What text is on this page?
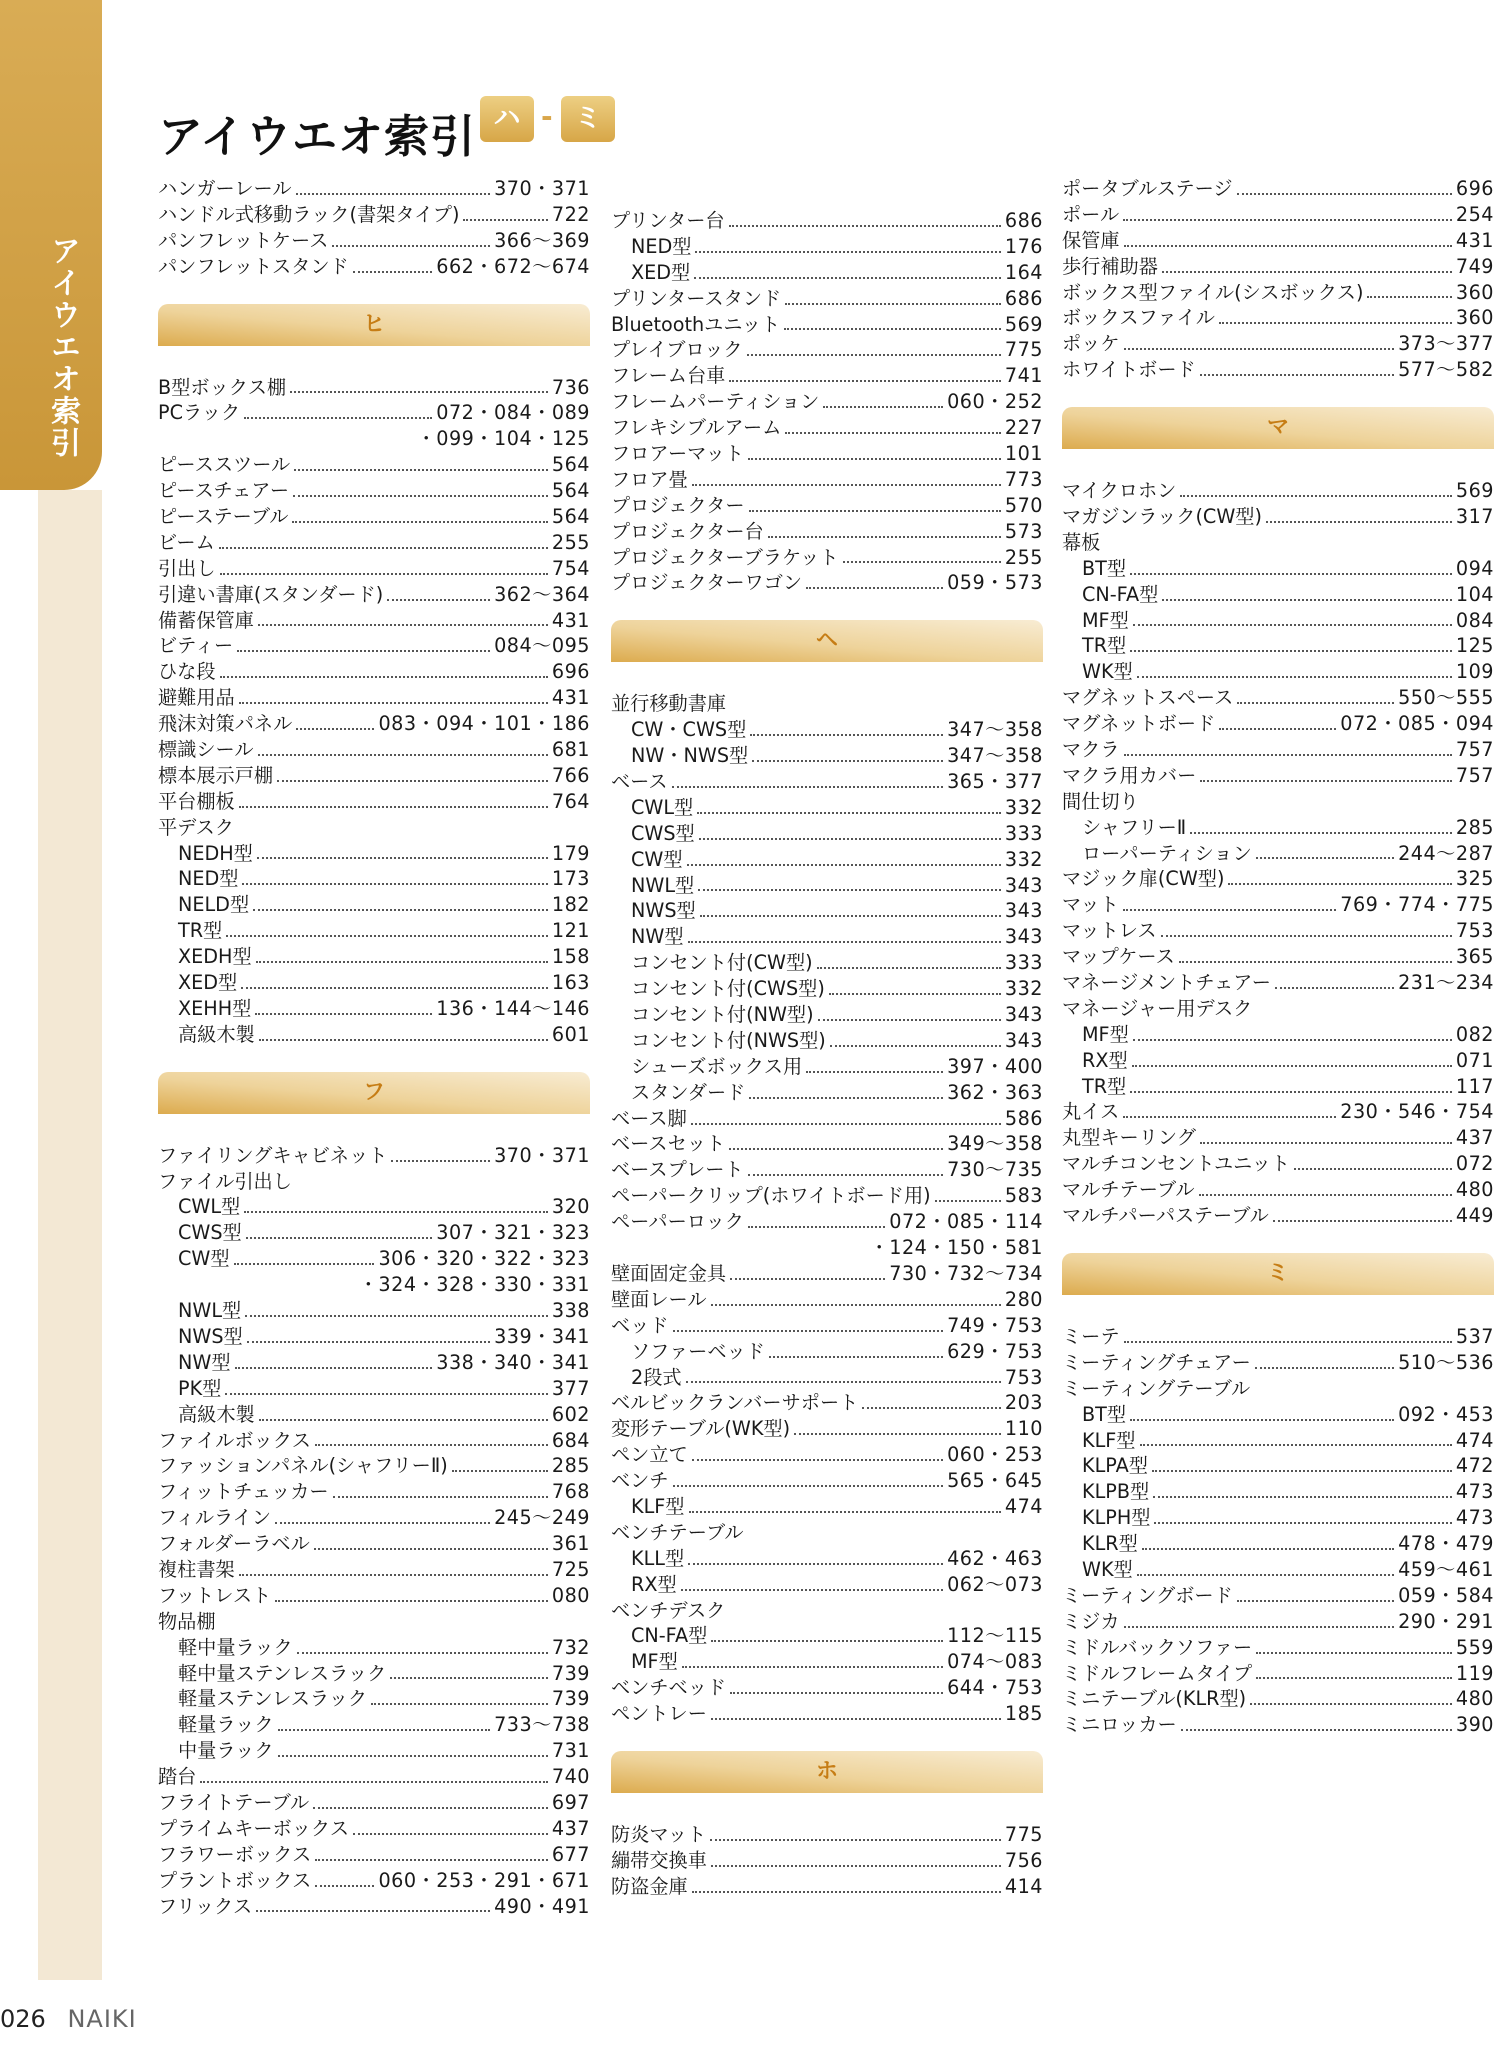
アイウエオ索引
アイウエオ索引 ハ - ミ
ハンガーレール	370・371
ハンドル式移動ラック(書架タイプ)	722
パンフレットケース	366〜369
パンフレットスタンド	662・672〜674
ヒ
B型ボックス棚	736
PCラック	072・084・089
・099・104・125
ピーススツール	564
ピースチェアー	564
ピーステーブル	564
ビーム	255
引出し	754
引違い書庫(スタンダード)	362〜364
備蓄保管庫	431
ビティー	084〜095
ひな段	696
避難用品	431
飛沫対策パネル	083・094・101・186
標識シール	681
標本展示戸棚	766
平台棚板	764
平デスク
NEDH型	179
NED型	173
NELD型	182
TR型	121
XEDH型	158
XED型	163
XEHH型	136・144〜146
高級木製	601
フ
ファイリングキャビネット	370・371
ファイル引出し
CWL型	320
CWS型	307・321・323
CW型	306・320・322・323
・324・328・330・331
NWL型	338
NWS型	339・341
NW型	338・340・341
PK型	377
高級木製	602
ファイルボックス	684
ファッションパネル(シャフリーⅡ)	285
フィットチェッカー	768
フィルライン	245〜249
フォルダーラベル	361
複柱書架	725
フットレスト	080
物品棚
軽中量ラック	732
軽中量ステンレスラック	739
軽量ステンレスラック	739
軽量ラック	733〜738
中量ラック	731
踏台	740
フライトテーブル	697
プライムキーボックス	437
フラワーボックス	677
プラントボックス	060・253・291・671
フリックス	490・491
プリンター台	686
NED型	176
XED型	164
プリンタースタンド	686
Bluetoothユニット	569
プレイブロック	775
フレーム台車	741
フレームパーティション	060・252
フレキシブルアーム	227
フロアーマット	101
フロア畳	773
プロジェクター	570
プロジェクター台	573
プロジェクターブラケット	255
プロジェクターワゴン	059・573
ヘ
並行移動書庫
CW・CWS型	347〜358
NW・NWS型	347〜358
ベース	365・377
CWL型	332
CWS型	333
CW型	332
NWL型	343
NWS型	343
NW型	343
コンセント付(CW型)	333
コンセント付(CWS型)	332
コンセント付(NW型)	343
コンセント付(NWS型)	343
シューズボックス用	397・400
スタンダード	362・363
ベース脚	586
ベースセット	349〜358
ベースプレート	730〜735
ペーパークリップ(ホワイトボード用)	583
ペーパーロック	072・085・114
・124・150・581
壁面固定金具	730・732〜734
壁面レール	280
ベッド	749・753
ソファーベッド	629・753
2段式	753
ベルビックランバーサポート	203
変形テーブル(WK型)	110
ペン立て	060・253
ベンチ	565・645
KLF型	474
ベンチテーブル
KLL型	462・463
RX型	062〜073
ベンチデスク
CN-FA型	112〜115
MF型	074〜083
ベンチベッド	644・753
ペントレー	185
ホ
防炎マット	775
繃帯交換車	756
防盗金庫	414
ポータブルステージ	696
ポール	254
保管庫	431
歩行補助器	749
ボックス型ファイル(シスボックス)	360
ボックスファイル	360
ポッケ	373〜377
ホワイトボード	577〜582
マ
マイクロホン	569
マガジンラック(CW型)	317
幕板
BT型	094
CN-FA型	104
MF型	084
TR型	125
WK型	109
マグネットスペース	550〜555
マグネットボード	072・085・094
マクラ	757
マクラ用カバー	757
間仕切り
シャフリーⅡ	285
ローパーティション	244〜287
マジック扉(CW型)	325
マット	769・774・775
マットレス	753
マップケース	365
マネージメントチェアー	231〜234
マネージャー用デスク
MF型	082
RX型	071
TR型	117
丸イス	230・546・754
丸型キーリング	437
マルチコンセントユニット	072
マルチテーブル	480
マルチパーパステーブル	449
ミ
ミーテ	537
ミーティングチェアー	510〜536
ミーティングテーブル
BT型	092・453
KLF型	474
KLPA型	472
KLPB型	473
KLPH型	473
KLR型	478・479
WK型	459〜461
ミーティングボード	059・584
ミジカ	290・291
ミドルバックソファー	559
ミドルフレームタイプ	119
ミニテーブル(KLR型)	480
ミニロッカー	390
026 NAIKI
